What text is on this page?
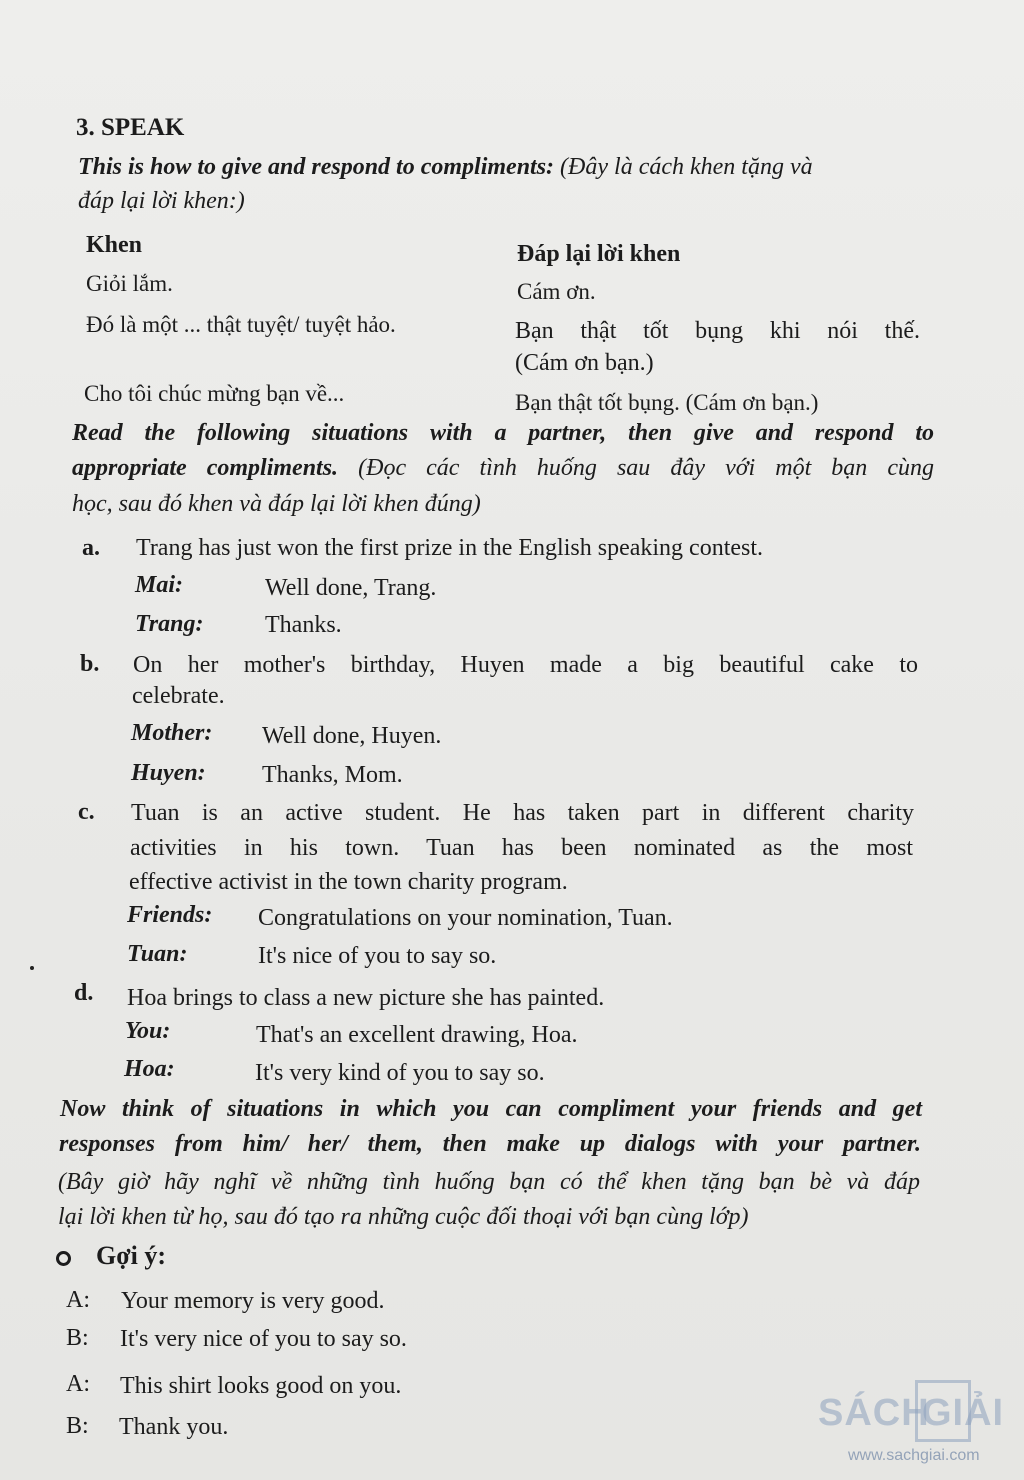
3. SPEAK
This is how to give and respond to compliments: (Đây là cách khen tặng và
đáp lại lời khen:)
Khen	Đáp lại lời khen
Giỏi lắm.	Cám ơn.
Đó là một ... thật tuyệt/ tuyệt hảo.	Bạn thật tốt bụng khi nói thế.
(Cám ơn bạn.)
Cho tôi chúc mừng bạn về...	Bạn thật tốt bụng. (Cám ơn bạn.)
Read the following situations with a partner, then give and respond to
appropriate compliments. (Đọc các tình huống sau đây với một bạn cùng
học, sau đó khen và đáp lại lời khen đúng)
a. Trang has just won the first prize in the English speaking contest.
Mai:	Well done, Trang.
Trang:	Thanks.
b. On her mother's birthday, Huyen made a big beautiful cake to
celebrate.
Mother: Well done, Huyen.
Huyen: Thanks, Mom.
c. Tuan is an active student. He has taken part in different charity
activities in his town. Tuan has been nominated as the most
effective activist in the town charity program.
Friends: Congratulations on your nomination, Tuan.
Tuan:	It's nice of you to say so.
d. Hoa brings to class a new picture she has painted.
You:	That's an excellent drawing, Hoa.
Hoa:	It's very kind of you to say so.
Now think of situations in which you can compliment your friends and get
responses from him/ her/ them, then make up dialogs with your partner.
(Bây giờ hãy nghĩ về những tình huống bạn có thể khen tặng bạn bè và đáp
lại lời khen từ họ, sau đó tạo ra những cuộc đối thoại với bạn cùng lớp)
Gợi ý:
A: Your memory is very good.
B: It's very nice of you to say so.
A: This shirt looks good on you.
B: Thank you.	SÁCH
GIẢI
www.sachgiai.com
